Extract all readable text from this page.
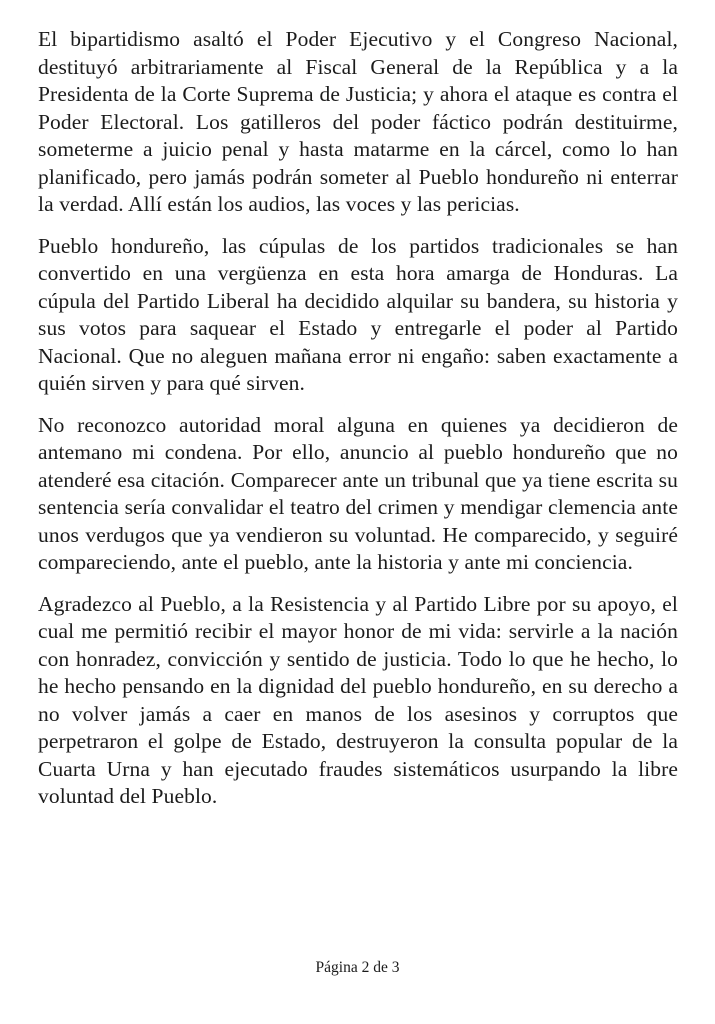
El bipartidismo asaltó el Poder Ejecutivo y el Congreso Nacional, destituyó arbitrariamente al Fiscal General de la República y a la Presidenta de la Corte Suprema de Justicia; y ahora el ataque es contra el Poder Electoral. Los gatilleros del poder fáctico podrán destituirme, someterme a juicio penal y hasta matarme en la cárcel, como lo han planificado, pero jamás podrán someter al Pueblo hondureño ni enterrar la verdad. Allí están los audios, las voces y las pericias.

Pueblo hondureño, las cúpulas de los partidos tradicionales se han convertido en una vergüenza en esta hora amarga de Honduras. La cúpula del Partido Liberal ha decidido alquilar su bandera, su historia y sus votos para saquear el Estado y entregarle el poder al Partido Nacional. Que no aleguen mañana error ni engaño: saben exactamente a quién sirven y para qué sirven.

No reconozco autoridad moral alguna en quienes ya decidieron de antemano mi condena. Por ello, anuncio al pueblo hondureño que no atenderé esa citación. Comparecer ante un tribunal que ya tiene escrita su sentencia sería convalidar el teatro del crimen y mendigar clemencia ante unos verdugos que ya vendieron su voluntad. He comparecido, y seguiré compareciendo, ante el pueblo, ante la historia y ante mi conciencia.

Agradezco al Pueblo, a la Resistencia y al Partido Libre por su apoyo, el cual me permitió recibir el mayor honor de mi vida: servirle a la nación con honradez, convicción y sentido de justicia. Todo lo que he hecho, lo he hecho pensando en la dignidad del pueblo hondureño, en su derecho a no volver jamás a caer en manos de los asesinos y corruptos que perpetraron el golpe de Estado, destruyeron la consulta popular de la Cuarta Urna y han ejecutado fraudes sistemáticos usurpando la libre voluntad del Pueblo.

Página 2 de 3
